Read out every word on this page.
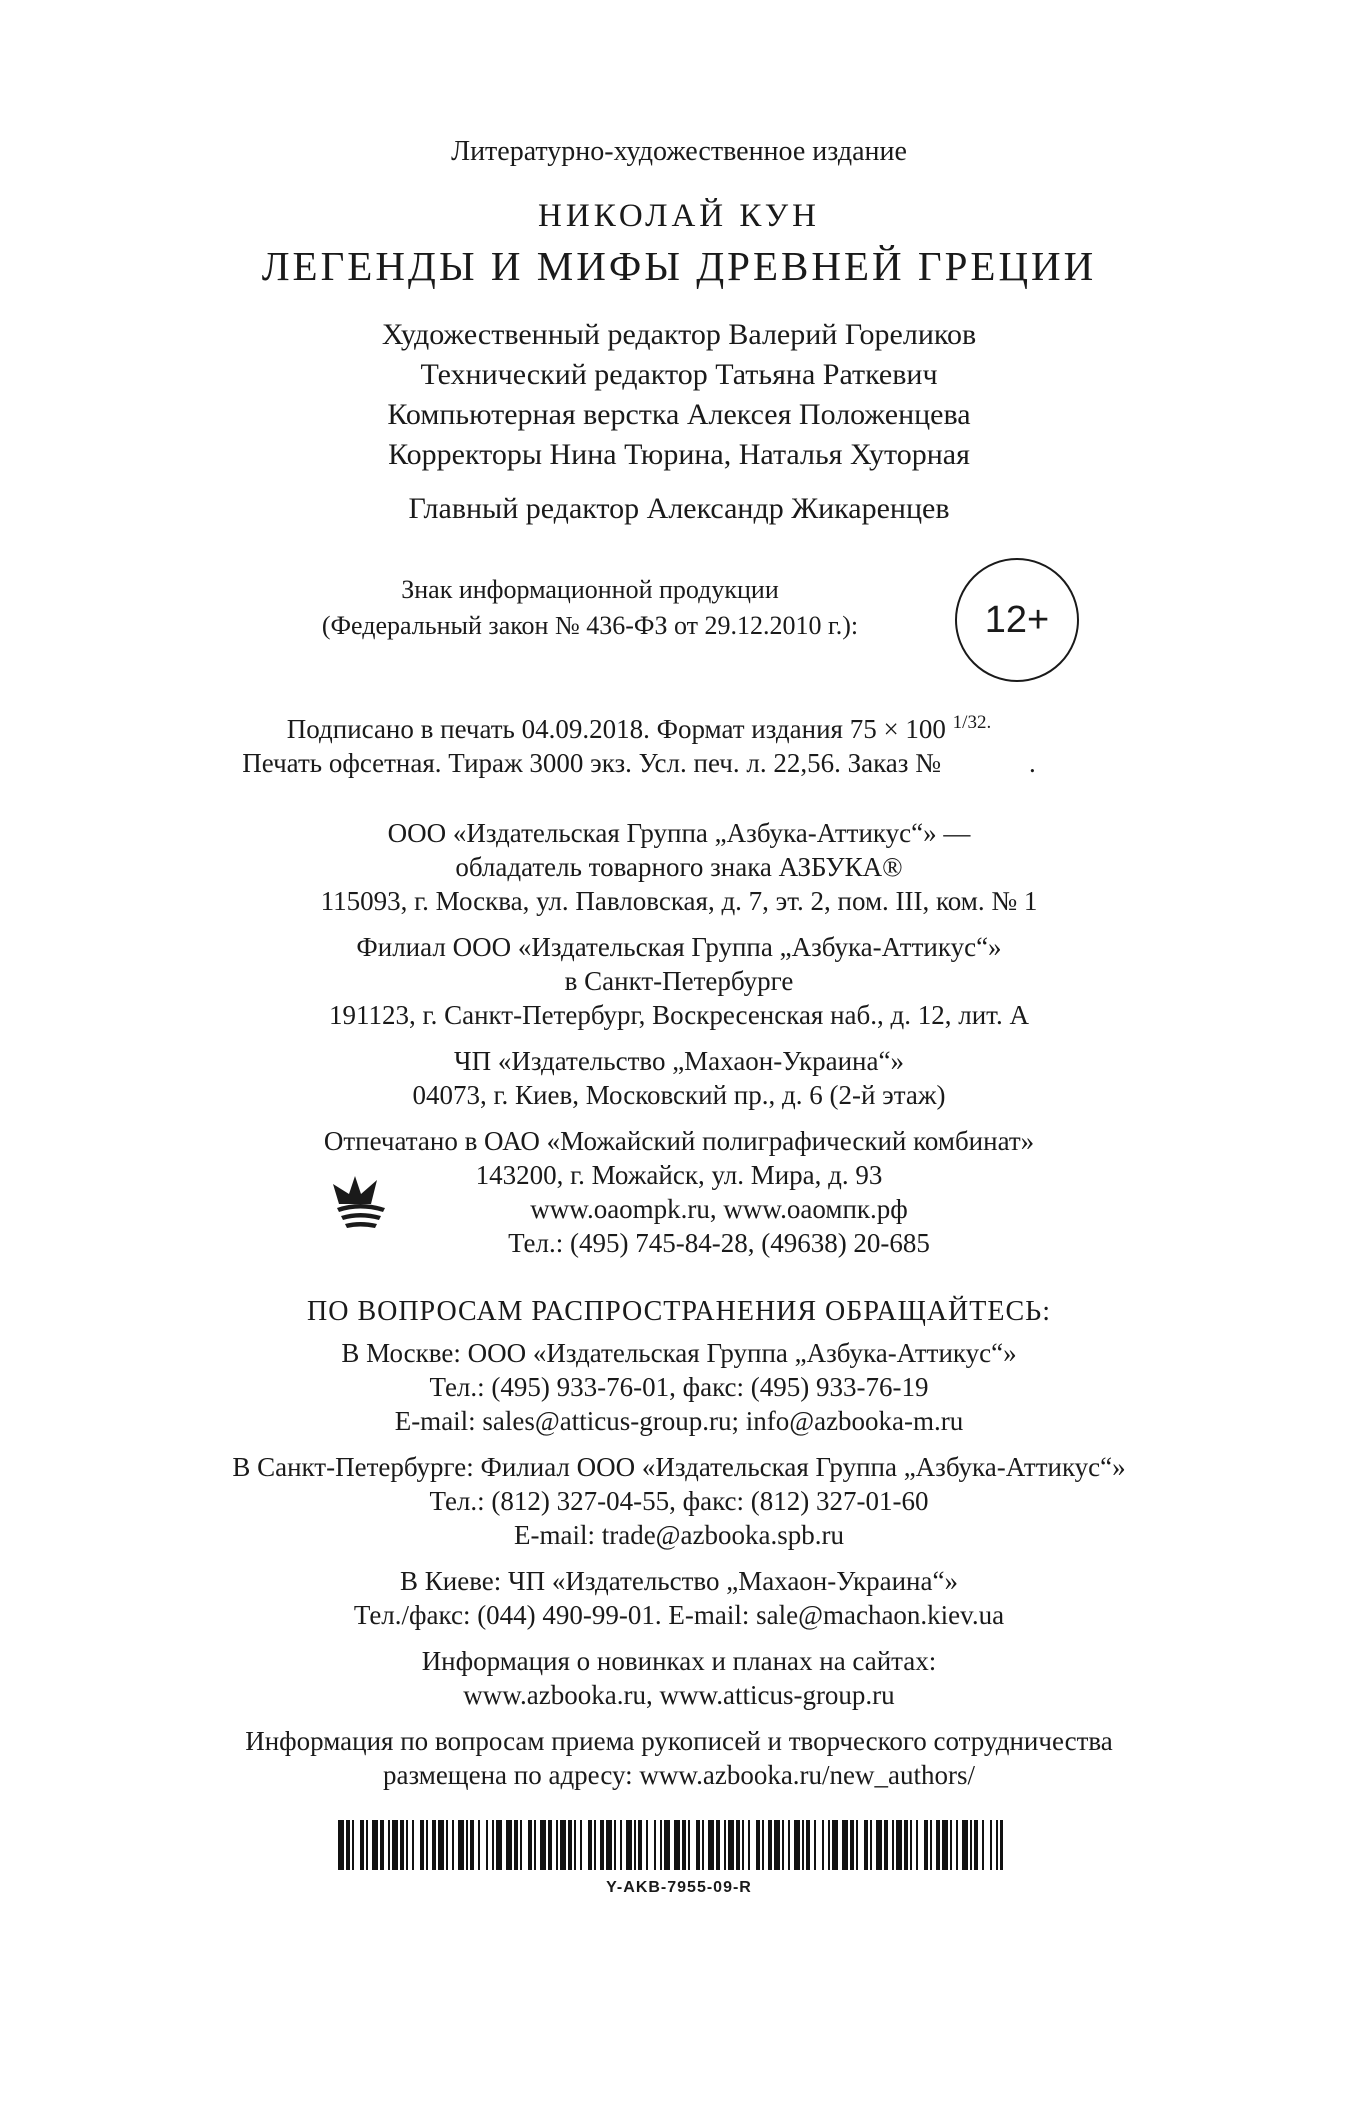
Литературно-художественное издание
НИКОЛАЙ КУН
ЛЕГЕНДЫ И МИФЫ ДРЕВНЕЙ ГРЕЦИИ
Художественный редактор Валерий Гореликов
Технический редактор Татьяна Раткевич
Компьютерная верстка Алексея Положенцева
Корректоры Нина Тюрина, Наталья Хуторная
Главный редактор Александр Жикаренцев
Знак информационной продукции
(Федеральный закон № 436-ФЗ от 29.12.2010 г.):	12+
Подписано в печать 04.09.2018. Формат издания 75 × 100 $^{1/32.}$
Печать офсетная. Тираж 3000 экз. Усл. печ. л. 22,56. Заказ №	.
ООО «Издательская Группа „Азбука-Аттикус“» —
обладатель товарного знака АЗБУКА®
115093, г. Москва, ул. Павловская, д. 7, эт. 2, пом. III, ком. № 1
Филиал ООО «Издательская Группа „Азбука-Аттикус“»
в Санкт-Петербурге
191123, г. Санкт-Петербург, Воскресенская наб., д. 12, лит. А
ЧП «Издательство „Махаон-Украина“»
04073, г. Киев, Московский пр., д. 6 (2-й этаж)
Отпечатано в ОАО «Можайский полиграфический комбинат»
143200, г. Можайск, ул. Мира, д. 93
www.oaompk.ru, www.oaомпк.рф
Тел.: (495) 745-84-28, (49638) 20-685
ПО ВОПРОСАМ РАСПРОСТРАНЕНИЯ ОБРАЩАЙТЕСЬ:
В Москве: ООО «Издательская Группа „Азбука-Аттикус“»
Тел.: (495) 933-76-01, факс: (495) 933-76-19
E-mail: sales@atticus-group.ru; info@azbooka-m.ru
В Санкт-Петербурге: Филиал ООО «Издательская Группа „Азбука-Аттикус“»
Тел.: (812) 327-04-55, факс: (812) 327-01-60
E-mail: trade@azbooka.spb.ru
В Киеве: ЧП «Издательство „Махаон-Украина“»
Тел./факс: (044) 490-99-01. E-mail: sale@machaon.kiev.ua
Информация о новинках и планах на сайтах:
www.azbooka.ru, www.atticus-group.ru
Информация по вопросам приема рукописей и творческого сотрудничества
размещена по адресу: www.azbooka.ru/new_authors/
Y-AKB-7955-09-R
